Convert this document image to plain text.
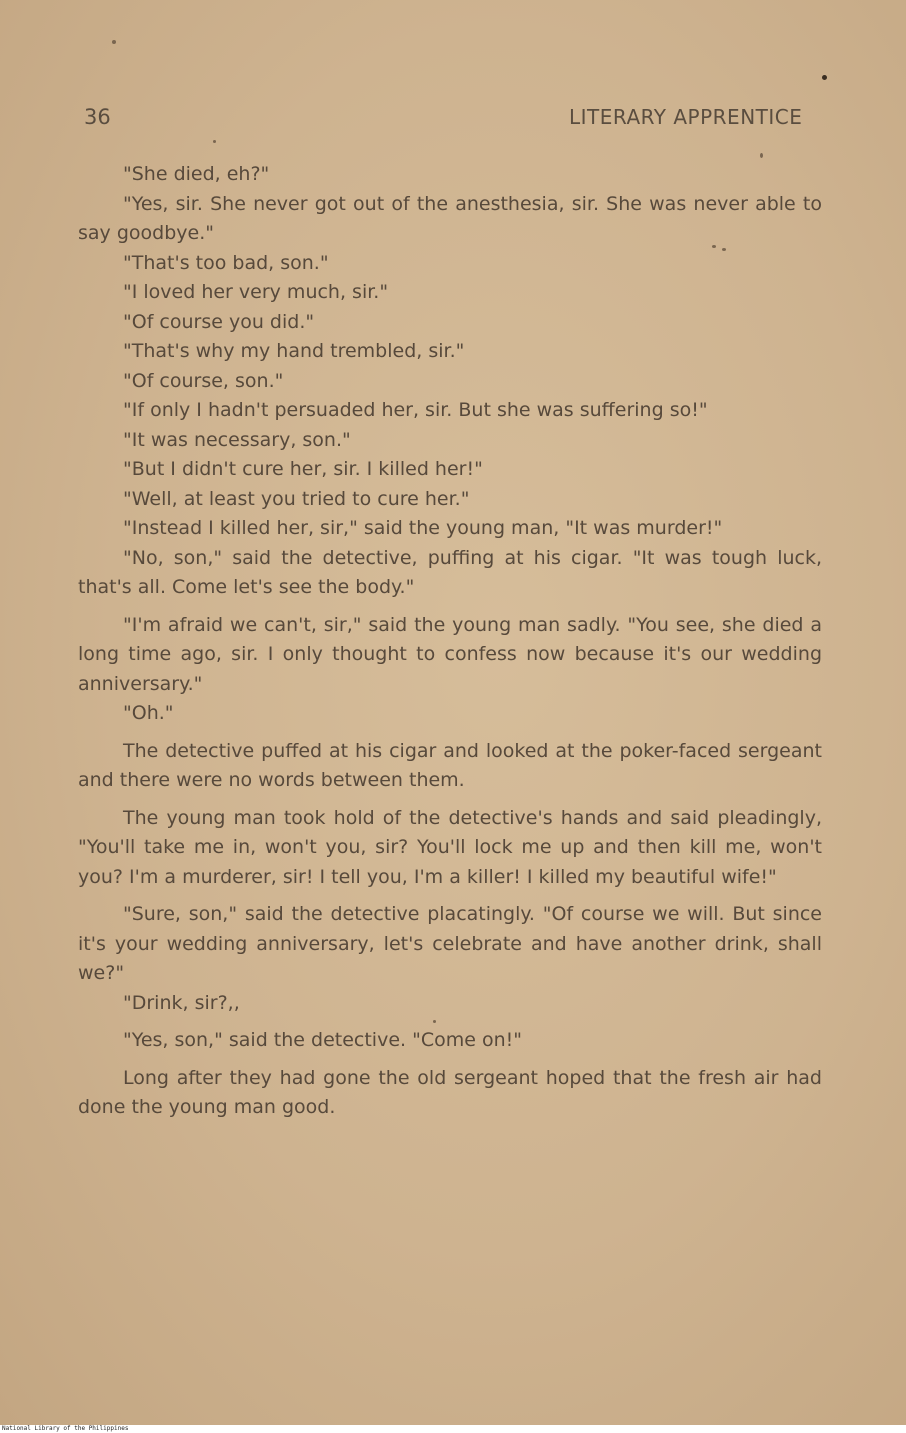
36	LITERARY APPRENTICE

"She died, eh?"

"Yes, sir. She never got out of the anesthesia, sir. She was never able to say goodbye."

"That's too bad, son."

"I loved her very much, sir."

"Of course you did."

"That's why my hand trembled, sir."

"Of course, son."

"If only I hadn't persuaded her, sir. But she was suffering so!"

"It was necessary, son."

"But I didn't cure her, sir. I killed her!"

"Well, at least you tried to cure her."

"Instead I killed her, sir," said the young man, "It was murder!"

"No, son," said the detective, puffing at his cigar. "It was tough luck, that's all. Come let's see the body."

"I'm afraid we can't, sir," said the young man sadly. "You see, she died a long time ago, sir. I only thought to confess now because it's our wedding anniversary."

"Oh."

The detective puffed at his cigar and looked at the poker-faced sergeant and there were no words between them.

The young man took hold of the detective's hands and said pleadingly, "You'll take me in, won't you, sir? You'll lock me up and then kill me, won't you? I'm a murderer, sir! I tell you, I'm a killer! I killed my beautiful wife!"

"Sure, son," said the detective placatingly. "Of course we will. But since it's your wedding anniversary, let's celebrate and have another drink, shall we?"

"Drink, sir?,,

"Yes, son," said the detective. "Come on!"

Long after they had gone the old sergeant hoped that the fresh air had done the young man good.

National Library of the Philippines
